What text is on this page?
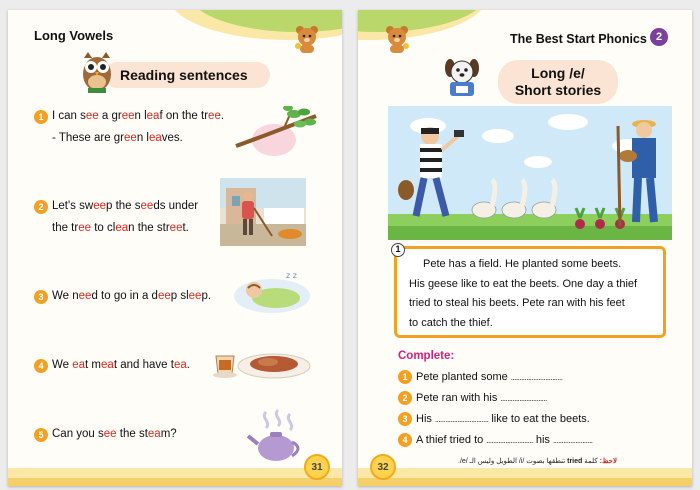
Long Vowels
Reading sentences
1 I can see a green leaf on the tree.
- These are green leaves.
2 Let's sweep the seeds under
the tree to clean the street.
3 We need to go in a deep sleep.
4 We eat meat and have tea.
5 Can you see the steam?
z z
31
The Best Start Phonics 2
Long /e/
Short stories
1
Pete has a field. He planted some beets.
His geese like to eat the beets. One day a thief
tried to steal his beets. Pete ran with his feet
to catch the thief.
Complete:
1 Pete planted some ..............................
2 Pete ran with his ...........................
3 His ............................... like to eat the beets.
4 A thief tried to ........................... his .......................
لاحظ: كلمة tried تنطقها بصوت /i/ الطويل وليس الـ /e/.
32
